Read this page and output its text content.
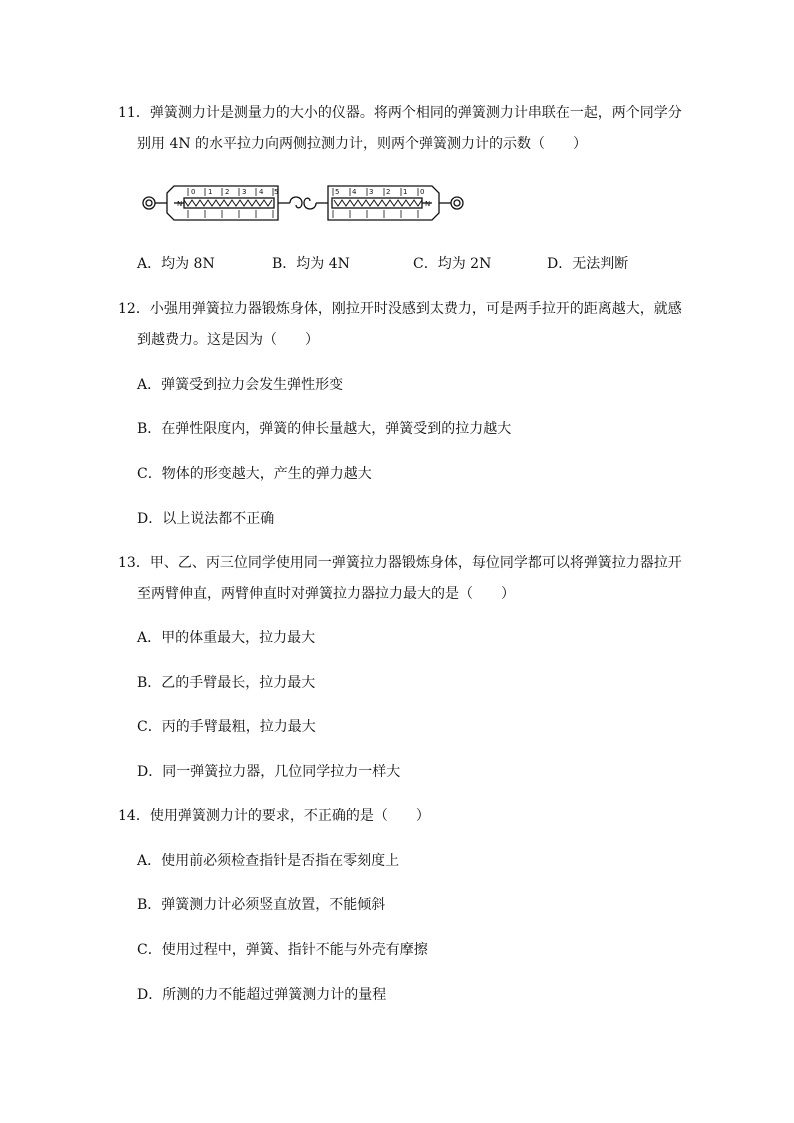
11．弹簧测力计是测量力的大小的仪器。将两个相同的弹簧测力计串联在一起，两个同学分
别用 4N 的水平拉力向两侧拉测力计，则两个弹簧测力计的示数（　　）
0 1 2 3 4 5
N
5 4 3 2 1 0
N
A．均为 8N	B．均为 4N	C．均为 2N	D．无法判断
12．小强用弹簧拉力器锻炼身体，刚拉开时没感到太费力，可是两手拉开的距离越大，就感
到越费力。这是因为（　　）
A．弹簧受到拉力会发生弹性形变
B．在弹性限度内，弹簧的伸长量越大，弹簧受到的拉力越大
C．物体的形变越大，产生的弹力越大
D．以上说法都不正确
13．甲、乙、丙三位同学使用同一弹簧拉力器锻炼身体，每位同学都可以将弹簧拉力器拉开
至两臂伸直，两臂伸直时对弹簧拉力器拉力最大的是（　　）
A．甲的体重最大，拉力最大
B．乙的手臂最长，拉力最大
C．丙的手臂最粗，拉力最大
D．同一弹簧拉力器，几位同学拉力一样大
14．使用弹簧测力计的要求，不正确的是（　　）
A．使用前必须检查指针是否指在零刻度上
B．弹簧测力计必须竖直放置，不能倾斜
C．使用过程中，弹簧、指针不能与外壳有摩擦
D．所测的力不能超过弹簧测力计的量程
